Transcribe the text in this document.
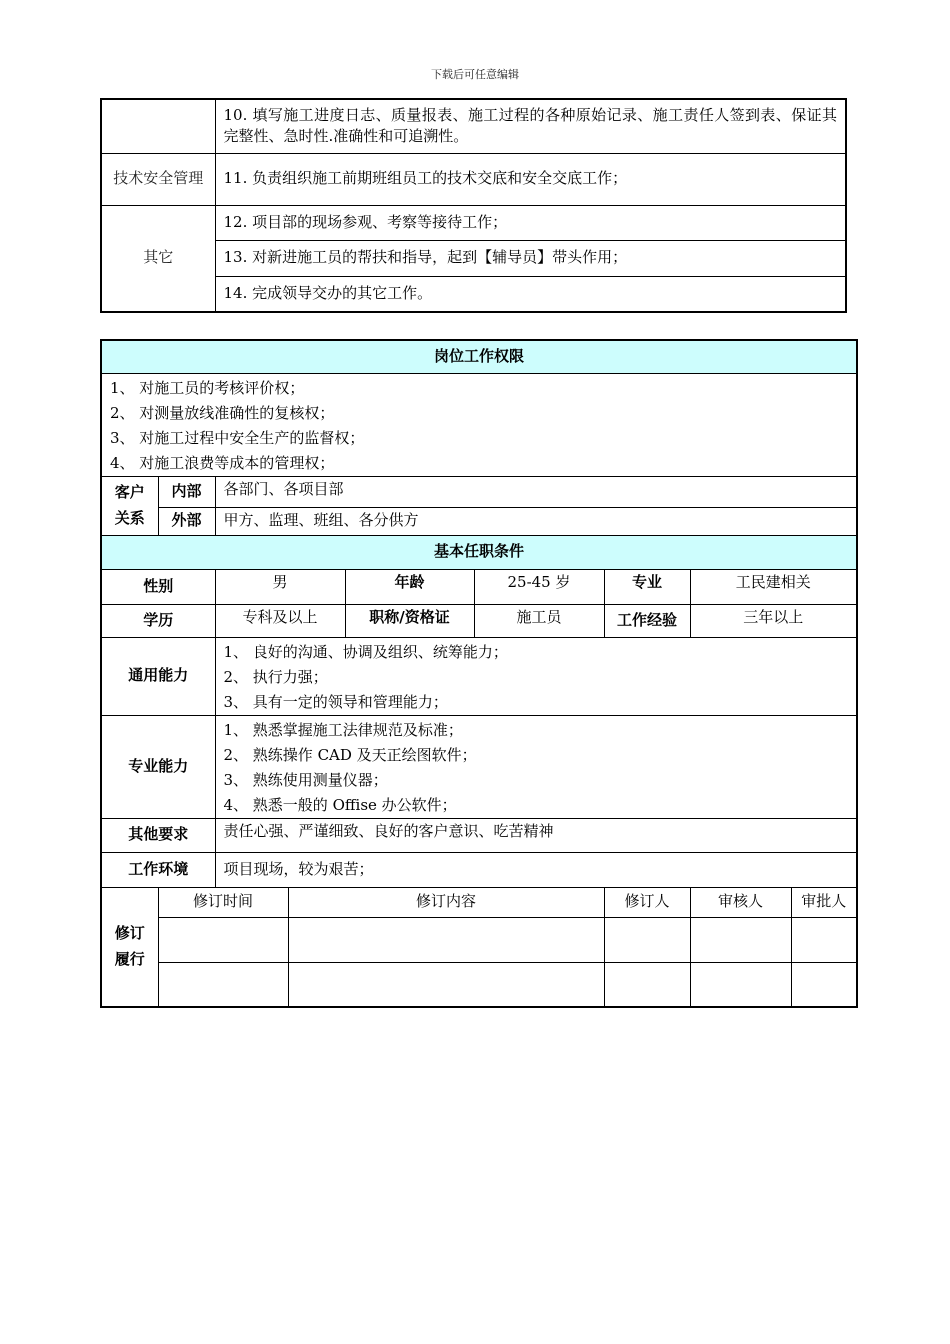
下载后可任意编辑
	10. 填写施工进度日志、质量报表、施工过程的各种原始记录、施工责任人签到表、保证其完整性、急时性.准确性和可追溯性。
技术安全管理	11. 负责组织施工前期班组员工的技术交底和安全交底工作；
其它	12. 项目部的现场参观、考察等接待工作；
	13. 对新进施工员的帮扶和指导，起到【辅导员】带头作用；
	14. 完成领导交办的其它工作。
岗位工作权限								

1、 对施工员的考核评价权；
2、 对测量放线准确性的复核权；
3、 对施工过程中安全生产的监督权；
4、 对施工浪费等成本的管理权；								

客户关系	内部	各部门、各项目部						
	外部	甲方、监理、班组、各分供方						
基本任职条件								
性别		男		年龄	25-45 岁	专业	工民建相关	
学历		专科及以上		职称/资格证	施工员	工作经验	三年以上	
通用能力		1、 良好的沟通、协调及组织、统筹能力；
2、 执行力强；
3、 具有一定的领导和管理能力；						

专业能力		1、 熟悉掌握施工法律规范及标准；
2、 熟练操作 CAD 及天正绘图软件；
3、 熟练使用测量仪器；
4、 熟悉一般的 Offise 办公软件；						

其他要求		责任心强、严谨细致、良好的客户意识、吃苦精神						
工作环境		项目现场，较为艰苦；						
修订履行	修订时间		修订内容			修订人	审核人	审批人
